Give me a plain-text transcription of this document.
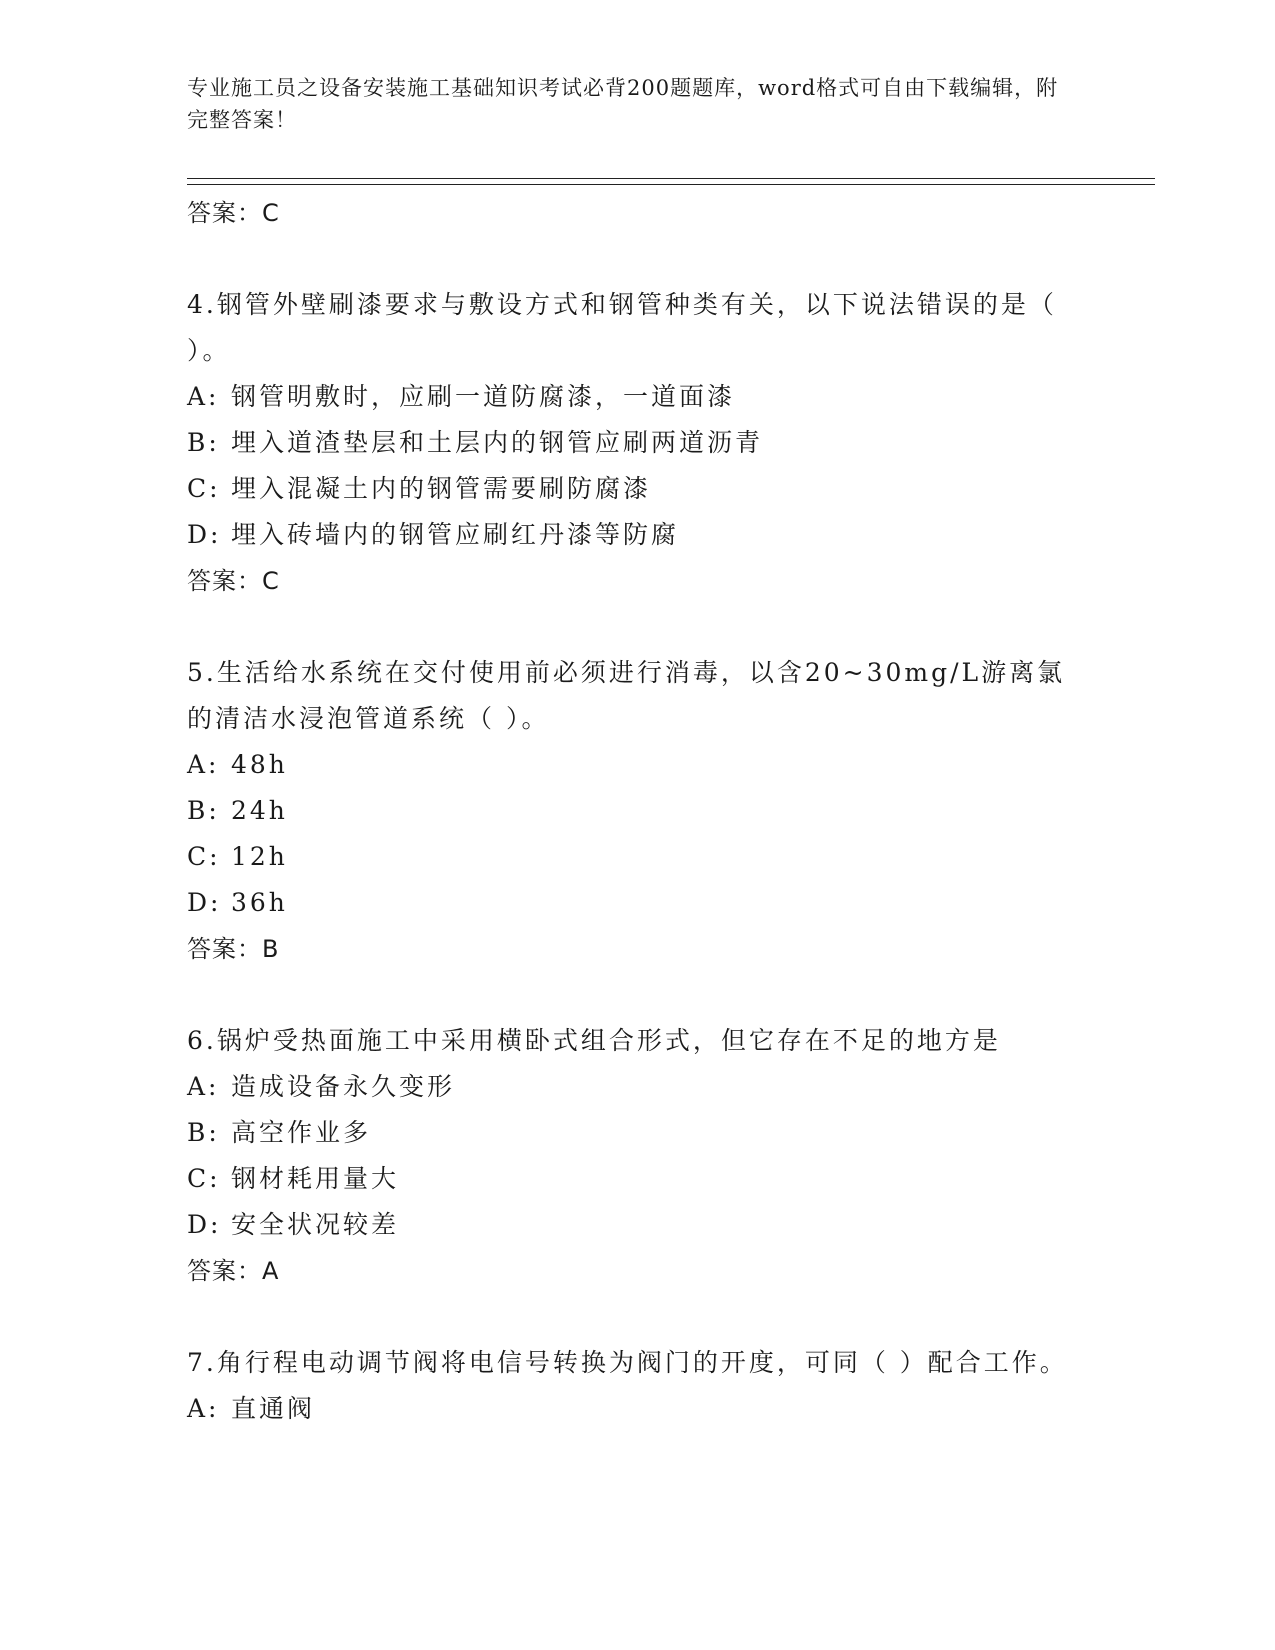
专业施工员之设备安装施工基础知识考试必背200题题库，word格式可自由下载编辑，附完整答案！
答案：C
4.钢管外壁刷漆要求与敷设方式和钢管种类有关，以下说法错误的是（ ）。
A: 钢管明敷时，应刷一道防腐漆，一道面漆
B: 埋入道渣垫层和土层内的钢管应刷两道沥青
C: 埋入混凝土内的钢管需要刷防腐漆
D: 埋入砖墙内的钢管应刷红丹漆等防腐
答案：C
5.生活给水系统在交付使用前必须进行消毒，以含20~30mg/L游离氯的清洁水浸泡管道系统（ ）。
A: 48h
B: 24h
C: 12h
D: 36h
答案：B
6.锅炉受热面施工中采用横卧式组合形式，但它存在不足的地方是
A: 造成设备永久变形
B: 高空作业多
C: 钢材耗用量大
D: 安全状况较差
答案：A
7.角行程电动调节阀将电信号转换为阀门的开度，可同（ ）配合工作。
A: 直通阀
